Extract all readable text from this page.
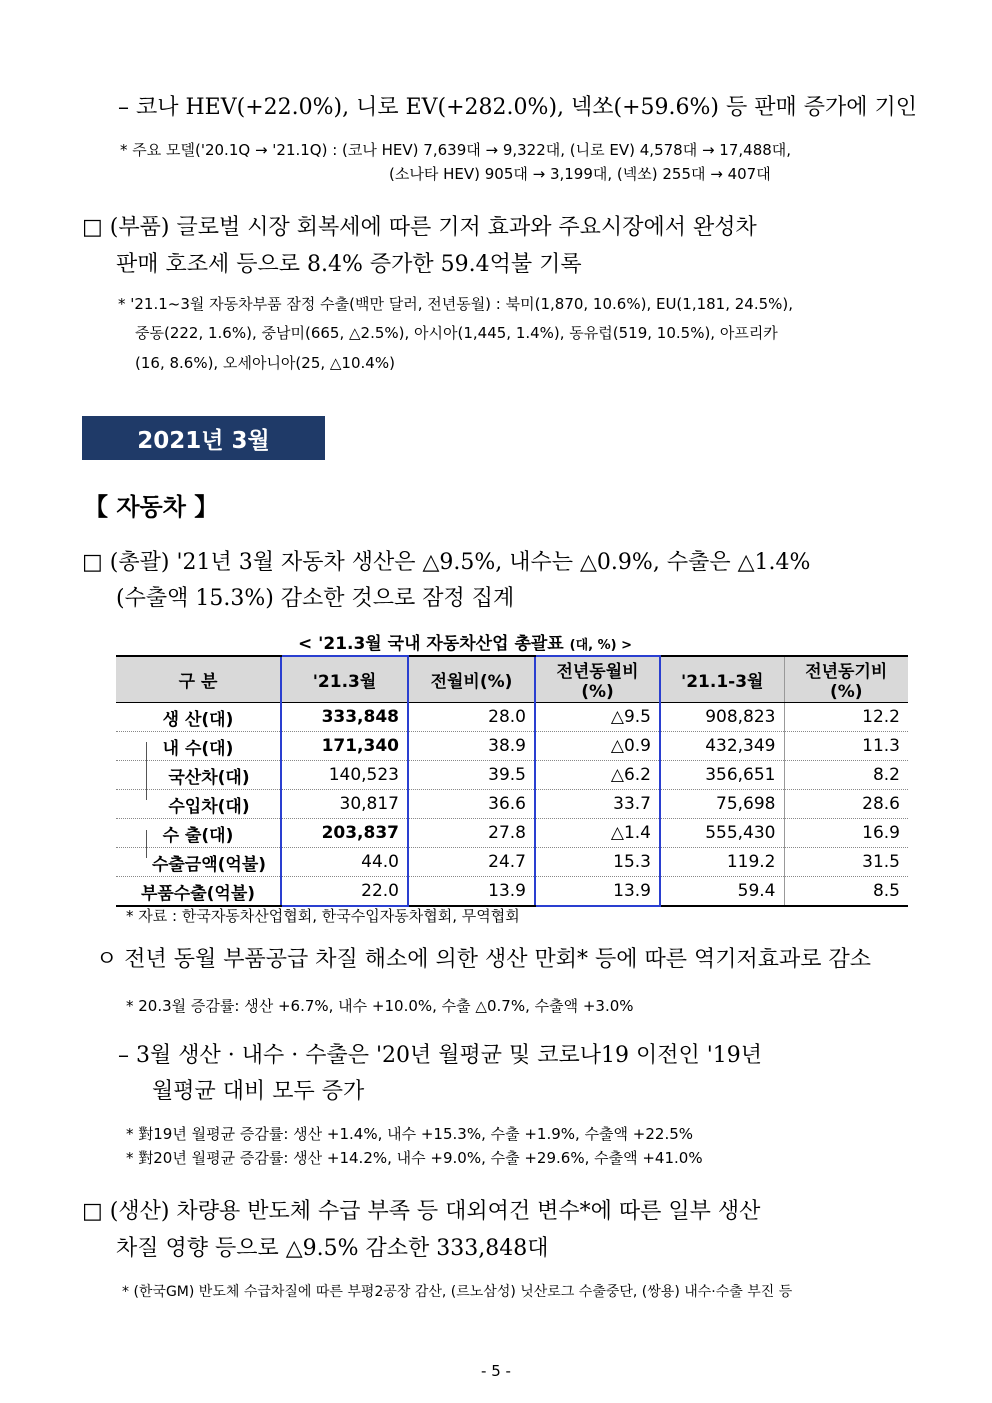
– 코나 HEV(+22.0%), 니로 EV(+282.0%), 넥쏘(+59.6%) 등 판매 증가에 기인
* 주요 모델('20.1Q → '21.1Q) : (코나 HEV) 7,639대 → 9,322대, (니로 EV) 4,578대 → 17,488대,
(소나타 HEV) 905대 → 3,199대, (넥쏘) 255대 → 407대
□ (부품) 글로벌 시장 회복세에 따른 기저 효과와 주요시장에서 완성차
판매 호조세 등으로 8.4% 증가한 59.4억불 기록
* '21.1~3월 자동차부품 잠정 수출(백만 달러, 전년동월) : 북미(1,870, 10.6%), EU(1,181, 24.5%),
중동(222, 1.6%), 중남미(665, △2.5%), 아시아(1,445, 1.4%), 동유럽(519, 10.5%), 아프리카
(16, 8.6%), 오세아니아(25, △10.4%)
2021년 3월
【 자동차 】
□ (총괄) '21년 3월 자동차 생산은 △9.5%, 내수는 △0.9%, 수출은 △1.4%
(수출액 15.3%) 감소한 것으로 잠정 집계
< '21.3월 국내 자동차산업 총괄표 (대, %) >
구 분	'21.3월	전월비(%)	전년동월비(%)	'21.1-3월	전년동기비(%)
생 산(대)	333,848	28.0	△9.5	908,823	12.2
내 수(대)	171,340	38.9	△0.9	432,349	11.3
국산차(대)	140,523	39.5	△6.2	356,651	8.2
수입차(대)	30,817	36.6	33.7	75,698	28.6
수 출(대)	203,837	27.8	△1.4	555,430	16.9
수출금액(억불)	44.0	24.7	15.3	119.2	31.5
부품수출(억불)	22.0	13.9	13.9	59.4	8.5
* 자료 : 한국자동차산업협회, 한국수입자동차협회, 무역협회
ㅇ 전년 동월 부품공급 차질 해소에 의한 생산 만회* 등에 따른 역기저효과로 감소
* 20.3월 증감률: 생산 +6.7%, 내수 +10.0%, 수출 △0.7%, 수출액 +3.0%
– 3월 생산 · 내수 · 수출은 '20년 월평균 및 코로나19 이전인 '19년
월평균 대비 모두 증가
* 對19년 월평균 증감률: 생산 +1.4%, 내수 +15.3%, 수출 +1.9%, 수출액 +22.5%
* 對20년 월평균 증감률: 생산 +14.2%, 내수 +9.0%, 수출 +29.6%, 수출액 +41.0%
□ (생산) 차량용 반도체 수급 부족 등 대외여건 변수*에 따른 일부 생산
차질 영향 등으로 △9.5% 감소한 333,848대
* (한국GM) 반도체 수급차질에 따른 부평2공장 감산, (르노삼성) 닛산로그 수출중단, (쌍용) 내수·수출 부진 등
- 5 -
